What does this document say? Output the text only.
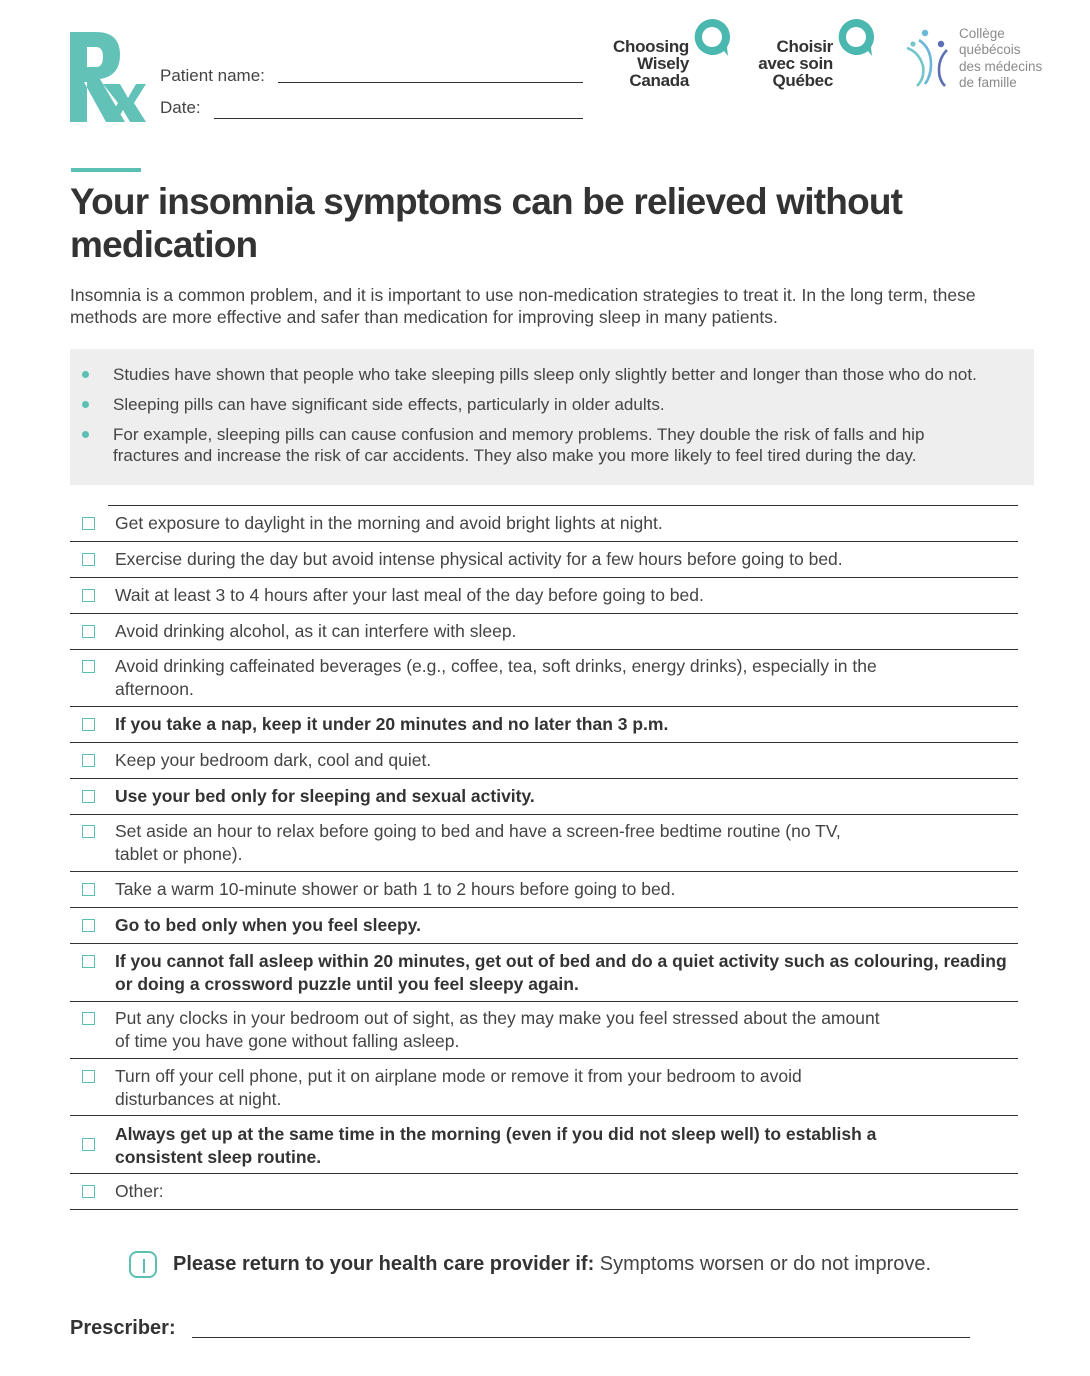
Patient name:
Date:
Choosing
Wisely
Canada
Choisir
avec soin
Québec
Collège
québécois
des médecins
de famille
Your insomnia symptoms can be relieved without medication
Insomnia is a common problem, and it is important to use non-medication strategies to treat it. In the long term, these methods are more effective and safer than medication for improving sleep in many patients.
Studies have shown that people who take sleeping pills sleep only slightly better and longer than those who do not.
Sleeping pills can have significant side effects, particularly in older adults.
For example, sleeping pills can cause confusion and memory problems. They double the risk of falls and hip fractures and increase the risk of car accidents. They also make you more likely to feel tired during the day.
Get exposure to daylight in the morning and avoid bright lights at night.
Exercise during the day but avoid intense physical activity for a few hours before going to bed.
Wait at least 3 to 4 hours after your last meal of the day before going to bed.
Avoid drinking alcohol, as it can interfere with sleep.
Avoid drinking caffeinated beverages (e.g., coffee, tea, soft drinks, energy drinks), especially in the afternoon.
If you take a nap, keep it under 20 minutes and no later than 3 p.m.
Keep your bedroom dark, cool and quiet.
Use your bed only for sleeping and sexual activity.
Set aside an hour to relax before going to bed and have a screen-free bedtime routine (no TV, tablet or phone).
Take a warm 10-minute shower or bath 1 to 2 hours before going to bed.
Go to bed only when you feel sleepy.
If you cannot fall asleep within 20 minutes, get out of bed and do a quiet activity such as colouring, reading or doing a crossword puzzle until you feel sleepy again.
Put any clocks in your bedroom out of sight, as they may make you feel stressed about the amount of time you have gone without falling asleep.
Turn off your cell phone, put it on airplane mode or remove it from your bedroom to avoid disturbances at night.
Always get up at the same time in the morning (even if you did not sleep well) to establish a consistent sleep routine.
Other:
Please return to your health care provider if: Symptoms worsen or do not improve.
Prescriber:
